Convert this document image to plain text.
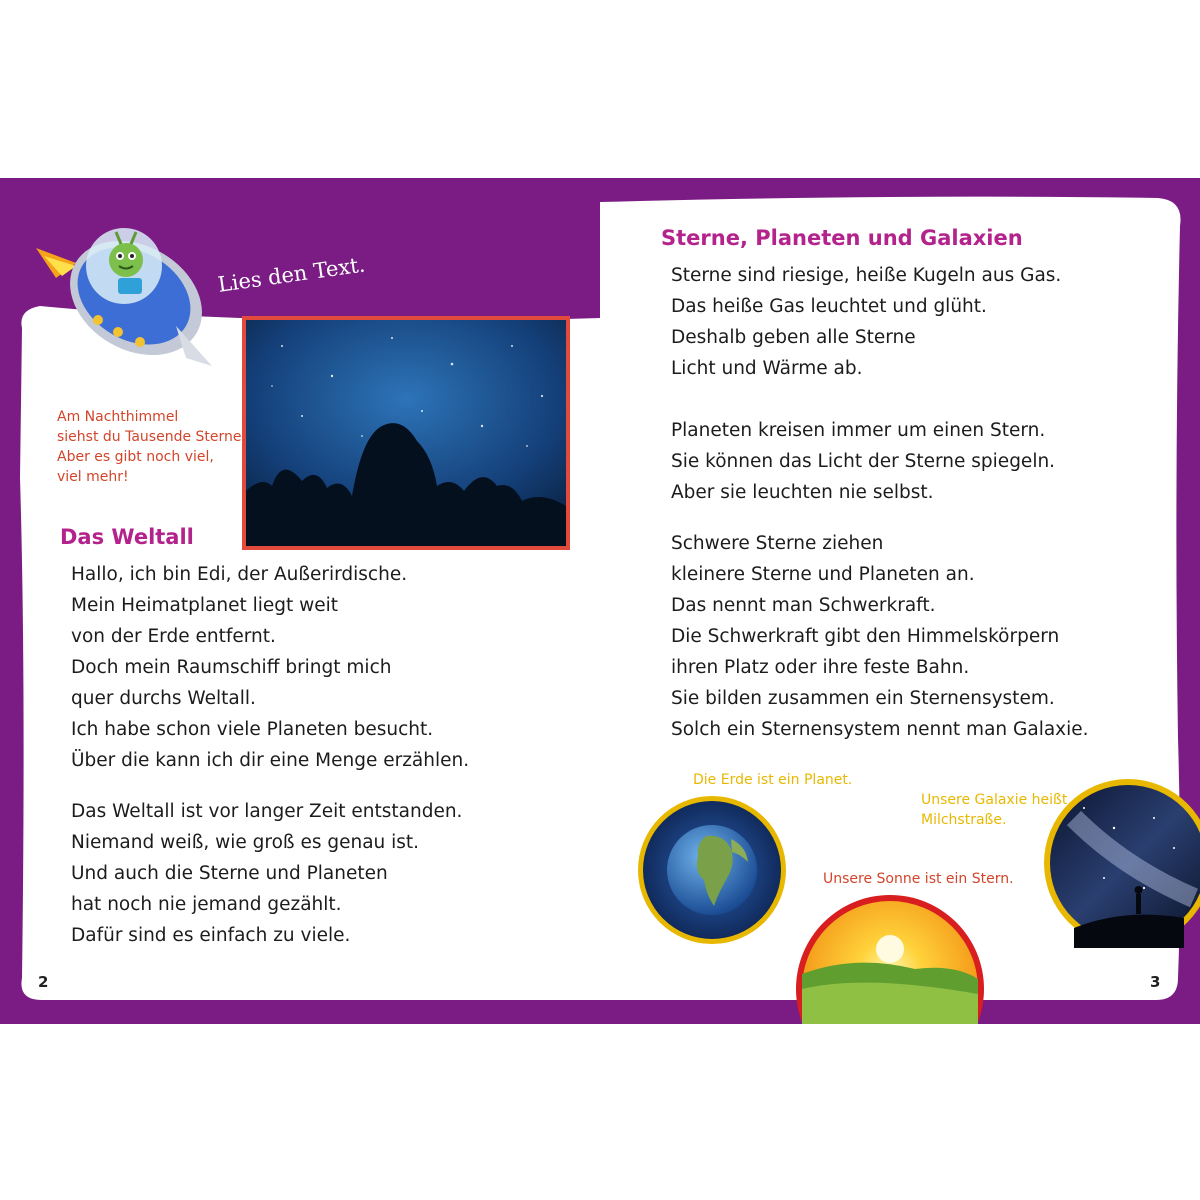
Lies den Text.
Am Nachthimmel
siehst du Tausende Sterne.
Aber es gibt noch viel,
viel mehr!
Das Weltall
Hallo, ich bin Edi, der Außerirdische.
Mein Heimatplanet liegt weit
von der Erde entfernt.
Doch mein Raumschiff bringt mich
quer durchs Weltall.
Ich habe schon viele Planeten besucht.
Über die kann ich dir eine Menge erzählen.
Das Weltall ist vor langer Zeit entstanden.
Niemand weiß, wie groß es genau ist.
Und auch die Sterne und Planeten
hat noch nie jemand gezählt.
Dafür sind es einfach zu viele.
2
Sterne, Planeten und Galaxien
Sterne sind riesige, heiße Kugeln aus Gas.
Das heiße Gas leuchtet und glüht.
Deshalb geben alle Sterne
Licht und Wärme ab.
Planeten kreisen immer um einen Stern.
Sie können das Licht der Sterne spiegeln.
Aber sie leuchten nie selbst.
Schwere Sterne ziehen
kleinere Sterne und Planeten an.
Das nennt man Schwerkraft.
Die Schwerkraft gibt den Himmelskörpern
ihren Platz oder ihre feste Bahn.
Sie bilden zusammen ein Sternensystem.
Solch ein Sternensystem nennt man Galaxie.
Die Erde ist ein Planet.
Unsere Galaxie heißt
Milchstraße.
Unsere Sonne ist ein Stern.
3
